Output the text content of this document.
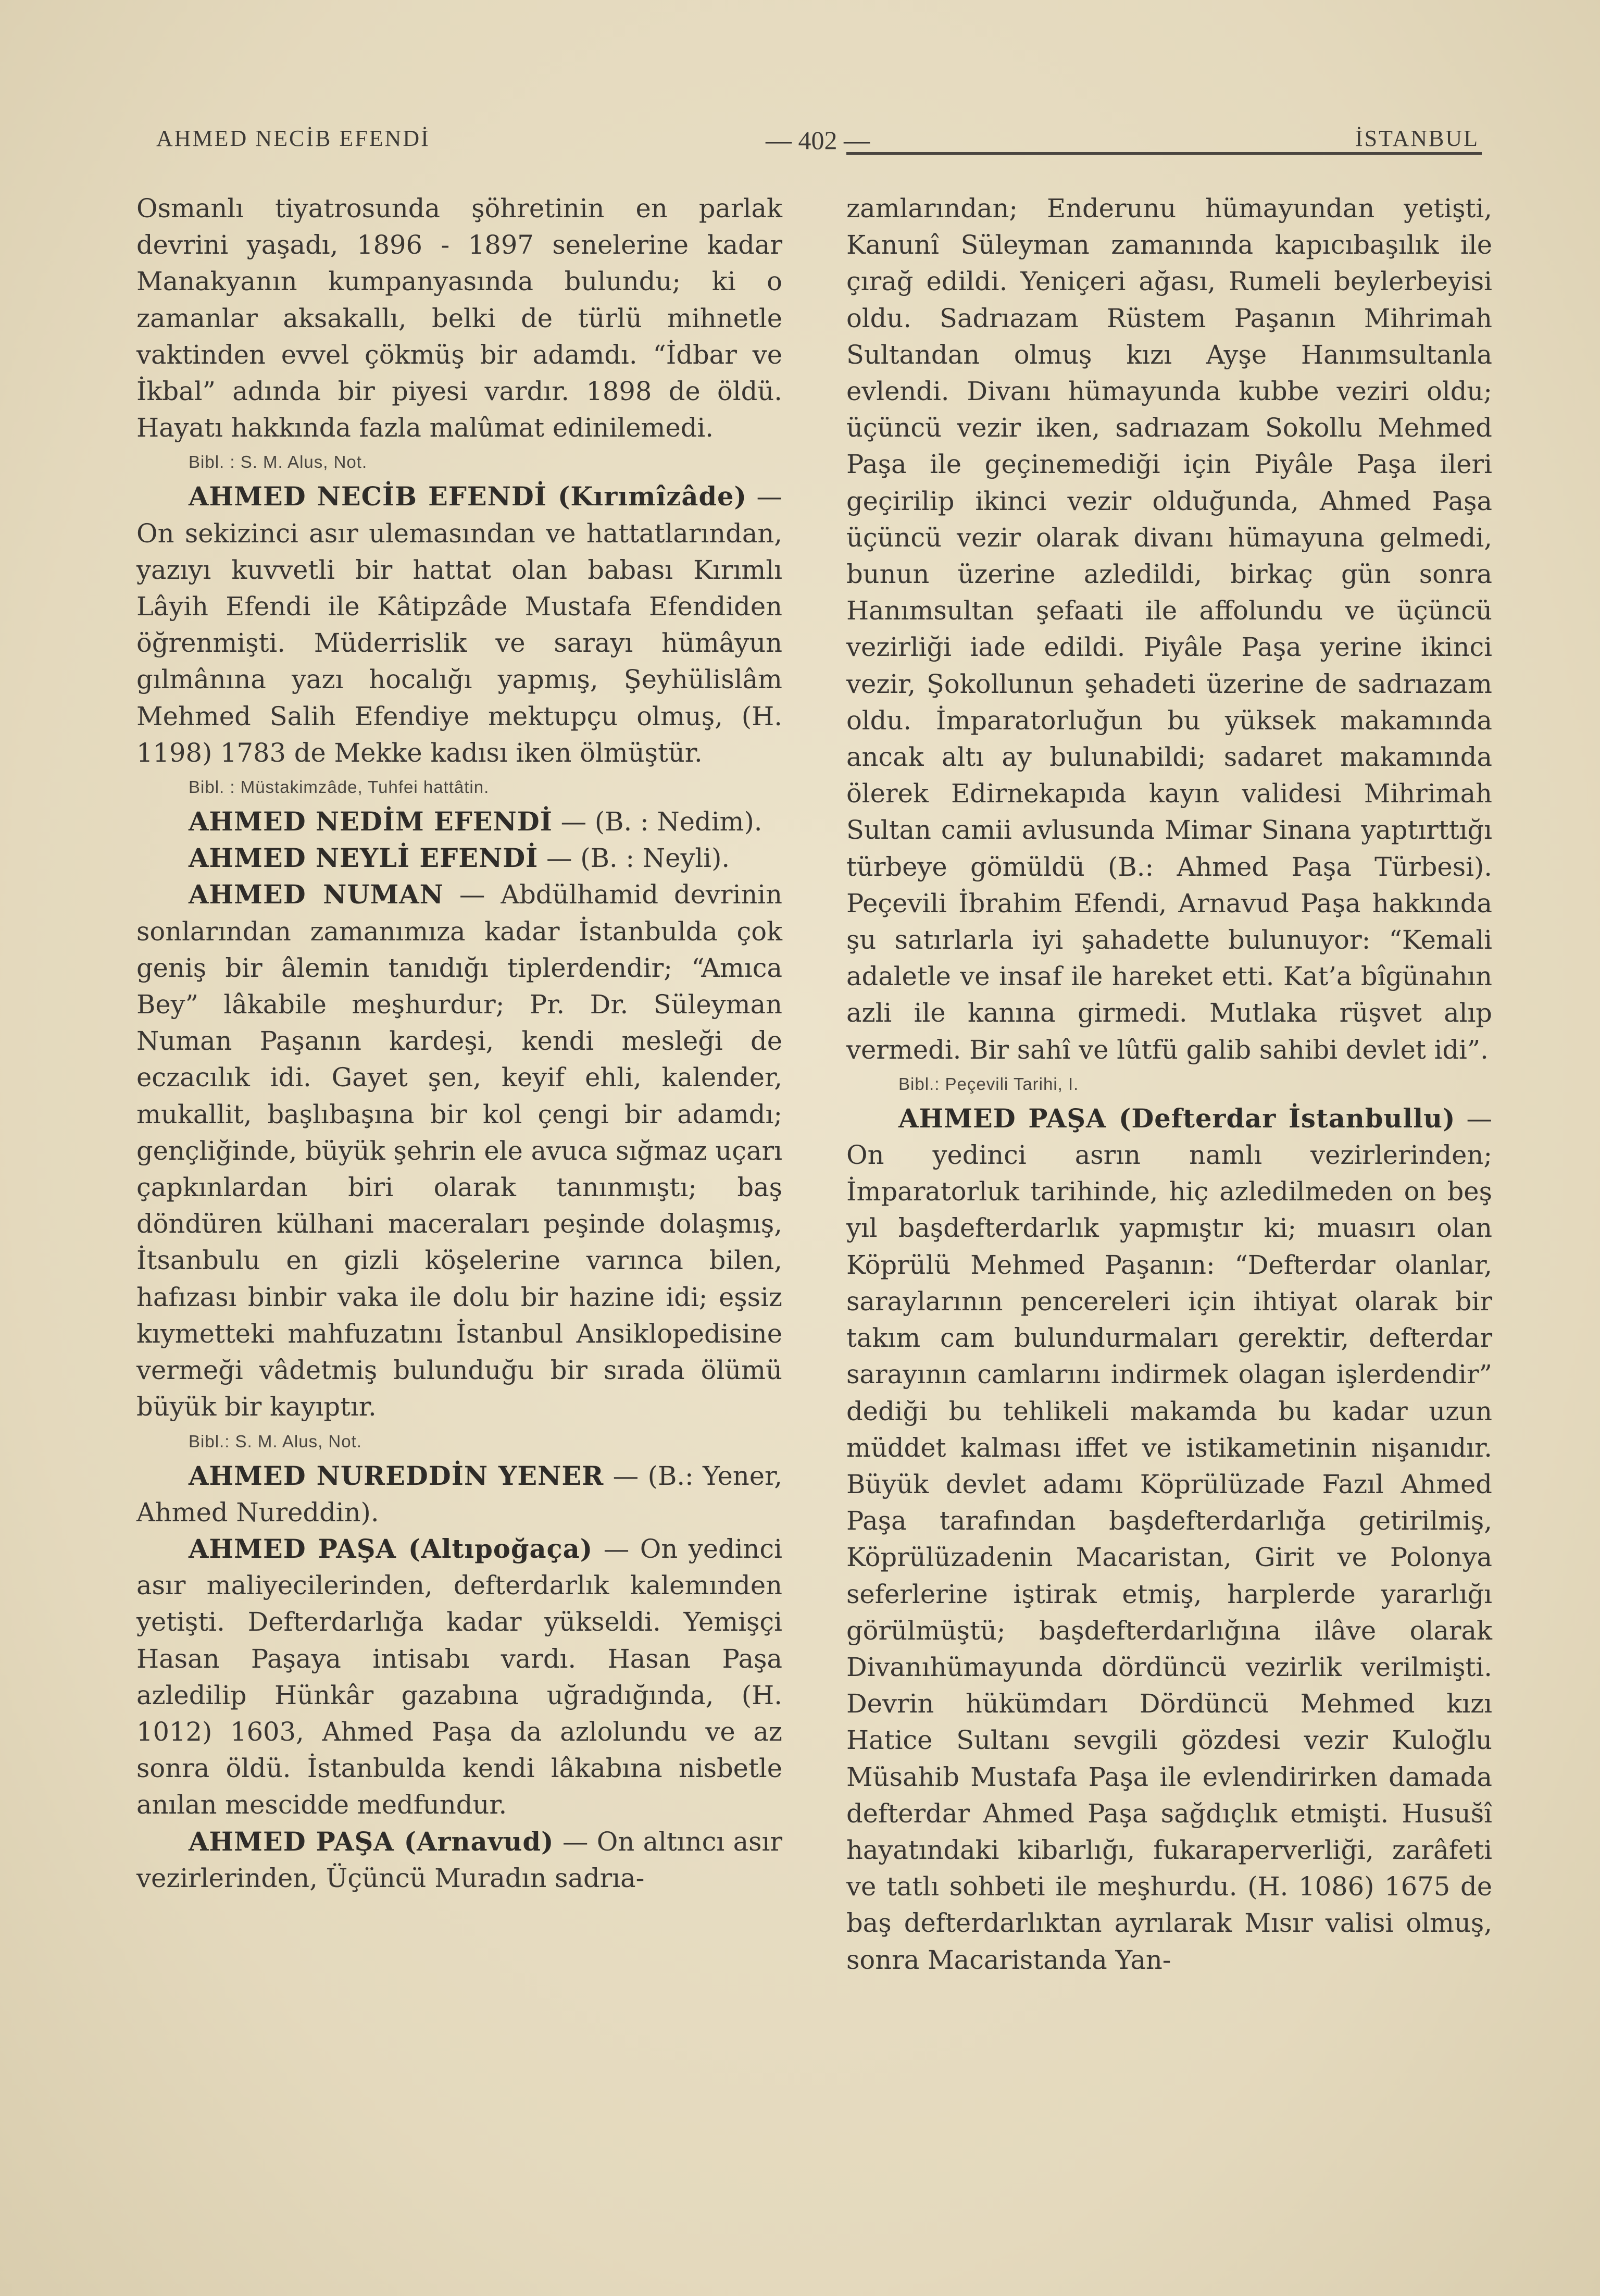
AHMED NECİB EFENDİ	— 402 —	İSTANBUL

Osmanlı tiyatrosunda şöhretinin en parlak devrini yaşadı, 1896 - 1897 senelerine kadar Manakyanın kumpanyasında bulundu; ki o zamanlar aksakallı, belki de türlü mihnetle vaktinden evvel çökmüş bir adamdı. “İdbar ve İkbal” adında bir piyesi vardır. 1898 de öldü. Hayatı hakkında fazla malûmat edinilemedi.

Bibl. : S. M. Alus, Not.

AHMED NECİB EFENDİ (Kırımîzâde) — On sekizinci asır ulemasından ve hattatlarından, yazıyı kuvvetli bir hattat olan babası Kırımlı Lâyih Efendi ile Kâtipzâde Mustafa Efendiden öğrenmişti. Müderrislik ve sarayı hümâyun gılmânına yazı hocalığı yapmış, Şeyhülislâm Mehmed Salih Efendiye mektupçu olmuş, (H. 1198) 1783 de Mekke kadısı iken ölmüştür.

Bibl. : Müstakimzâde, Tuhfei hattâtin.

AHMED NEDİM EFENDİ — (B. : Nedim).

AHMED NEYLİ EFENDİ — (B. : Neyli).

AHMED NUMAN — Abdülhamid devrinin sonlarından zamanımıza kadar İstanbulda çok geniş bir âlemin tanıdığı tiplerdendir; “Amıca Bey” lâkabile meşhurdur; Pr. Dr. Süleyman Numan Paşanın kardeşi, kendi mesleği de eczacılık idi. Gayet şen, keyif ehli, kalender, mukallit, başlıbaşına bir kol çengi bir adamdı; gençliğinde, büyük şehrin ele avuca sığmaz uçarı çapkınlardan biri olarak tanınmıştı; baş döndüren külhani maceraları peşinde dolaşmış, İtsanbulu en gizli köşelerine varınca bilen, hafızası binbir vaka ile dolu bir hazine idi; eşsiz kıymetteki mahfuzatını İstanbul Ansiklopedisine vermeği vâdetmiş bulunduğu bir sırada ölümü büyük bir kayıptır.

Bibl.: S. M. Alus, Not.

AHMED NUREDDİN YENER — (B.: Yener, Ahmed Nureddin).

AHMED PAŞA (Altıpoğaça) — On yedinci asır maliyecilerinden, defterdarlık kalemınden yetişti. Defterdarlığa kadar yükseldi. Yemişçi Hasan Paşaya intisabı vardı. Hasan Paşa azledilip Hünkâr gazabına uğradığında, (H. 1012) 1603, Ahmed Paşa da azlolundu ve az sonra öldü. İstanbulda kendi lâkabına nisbetle anılan mescidde medfundur.

AHMED PAŞA (Arnavud) — On altıncı asır vezirlerinden, Üçüncü Muradın sadrıa-

zamlarından; Enderunu hümayundan yetişti, Kanunî Süleyman zamanında kapıcıbaşılık ile çırağ edildi. Yeniçeri ağası, Rumeli beylerbeyisi oldu. Sadrıazam Rüstem Paşanın Mihrimah Sultandan olmuş kızı Ayşe Hanımsultanla evlendi. Divanı hümayunda kubbe veziri oldu; üçüncü vezir iken, sadrıazam Sokollu Mehmed Paşa ile geçinemediği için Piyâle Paşa ileri geçirilip ikinci vezir olduğunda, Ahmed Paşa üçüncü vezir olarak divanı hümayuna gelmedi, bunun üzerine azledildi, birkaç gün sonra Hanımsultan şefaati ile affolundu ve üçüncü vezirliği iade edildi. Piyâle Paşa yerine ikinci vezir, Şokollunun şehadeti üzerine de sadrıazam oldu. İmparatorluğun bu yüksek makamında ancak altı ay bulunabildi; sadaret makamında ölerek Edirnekapıda kayın validesi Mihrimah Sultan camii avlusunda Mimar Sinana yaptırttığı türbeye gömüldü (B.: Ahmed Paşa Türbesi). Peçevili İbrahim Efendi, Arnavud Paşa hakkında şu satırlarla iyi şahadette bulunuyor: “Kemali adaletle ve insaf ile hareket etti. Kat’a bîgünahın azli ile kanına girmedi. Mutlaka rüşvet alıp vermedi. Bir sahî ve lûtfü galib sahibi devlet idi”.

Bibl.: Peçevili Tarihi, I.

AHMED PAŞA (Defterdar İstanbullu) — On yedinci asrın namlı vezirlerinden; İmparatorluk tarihinde, hiç azledilmeden on beş yıl başdefterdarlık yapmıştır ki; muasırı olan Köprülü Mehmed Paşanın: “Defterdar olanlar, saraylarının pencereleri için ihtiyat olarak bir takım cam bulundurmaları gerektir, defterdar sarayının camlarını indirmek olagan işlerdendir” dediği bu tehlikeli makamda bu kadar uzun müddet kalması iffet ve istikametinin nişanıdır. Büyük devlet adamı Köprülüzade Fazıl Ahmed Paşa tarafından başdefterdarlığa getirilmiş, Köprülüzadenin Macaristan, Girit ve Polonya seferlerine iştirak etmiş, harplerde yararlığı görülmüştü; başdefterdarlığına ilâve olarak Divanıhümayunda dördüncü vezirlik verilmişti. Devrin hükümdarı Dördüncü Mehmed kızı Hatice Sultanı sevgili gözdesi vezir Kuloğlu Müsahib Mustafa Paşa ile evlendirirken damada defterdar Ahmed Paşa sağdıçlık etmişti. Husus̆î hayatındaki kibarlığı, fukaraperverliği, zarâfeti ve tatlı sohbeti ile meşhurdu. (H. 1086) 1675 de baş defterdarlıktan ayrılarak Mısır valisi olmuş, sonra Macaristanda Yan-
